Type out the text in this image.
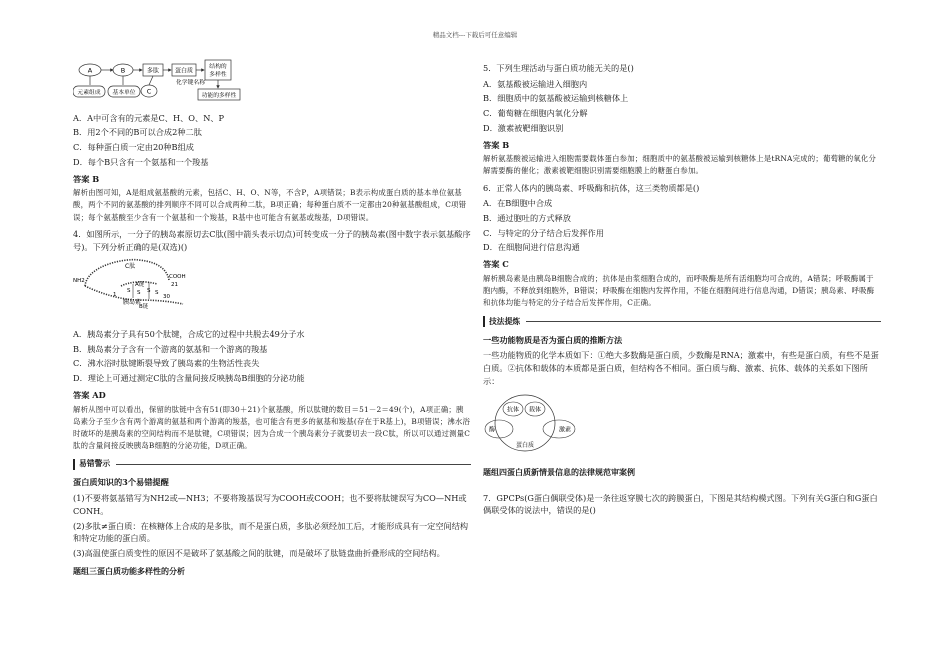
精品文档---下载后可任意编辑
A	B	多肽	蛋白质
结构的
多样性
元素组成 基本单位 C
化学键名称
功能的多样性

A．A中可含有的元素是C、H、O、N、P

B．用2个不同的B可以合成2种二肽

C．每种蛋白质一定由20种B组成

D．每个B只含有一个氨基和一个羧基

答案 B

解析由图可知，A是组成氨基酸的元素，包括C、H、O、N等，不含P，A项错误；B表示构成蛋白质的基本单位氨基酸，两个不同的氨基酸的排列顺序不同可以合成两种二肽，B项正确；每种蛋白质不一定都由20种氨基酸组成，C项错误；每个氨基酸至少含有一个氨基和一个羧基，R基中也可能含有氨基或羧基，D项错误。

4．如图所示，一分子的胰岛素原切去C肽(图中箭头表示切点)可转变成一分子的胰岛素(图中数字表示氨基酸序号)。下列分析正确的是(双选)()

NH2
C肽
COOH
21
A链
S S S S
30
B链
1
胰岛素

A．胰岛素分子具有50个肽键，合成它的过程中共脱去49分子水

B．胰岛素分子含有一个游离的氨基和一个游离的羧基

C．沸水浴时肽键断裂导致了胰岛素的生物活性丧失

D．理论上可通过测定C肽的含量间接反映胰岛B细胞的分泌功能

答案 AD

解析从图中可以看出，保留的肽链中含有51(即30＋21)个氨基酸，所以肽键的数目＝51－2＝49(个)，A项正确；胰岛素分子至少含有两个游离的氨基和两个游离的羧基，也可能含有更多的氨基和羧基(存在于R基上)，B项错误；沸水浴时破坏的是胰岛素的空间结构而不是肽键，C项错误；因为合成一个胰岛素分子就要切去一段C肽，所以可以通过测量C肽的含量间接反映胰岛B细胞的分泌功能，D项正确。

易错警示

蛋白质知识的3个易错提醒

(1)不要将氨基错写为NH2或—NH3；不要将羧基误写为COOH或COOH；也不要将肽键误写为CO—NH或CONH。

(2)多肽≠蛋白质：在核糖体上合成的是多肽，而不是蛋白质，多肽必须经加工后，才能形成具有一定空间结构和特定功能的蛋白质。

(3)高温使蛋白质变性的原因不是破坏了氨基酸之间的肽键，而是破坏了肽链盘曲折叠形成的空间结构。

题组三蛋白质功能多样性的分析

5．下列生理活动与蛋白质功能无关的是()

A．氨基酸被运输进入细胞内

B．细胞质中的氨基酸被运输到核糖体上

C．葡萄糖在细胞内氧化分解

D．激素被靶细胞识别

答案 B

解析氨基酸被运输进入细胞需要载体蛋白参加；细胞质中的氨基酸被运输到核糖体上是tRNA完成的；葡萄糖的氧化分解需要酶的催化；激素被靶细胞识别需要细胞膜上的糖蛋白参加。

6．正常人体内的胰岛素、呼吸酶和抗体，这三类物质都是()

A．在B细胞中合成

B．通过胞吐的方式释放

C．与特定的分子结合后发挥作用

D．在细胞间进行信息沟通

答案 C

解析胰岛素是由胰岛B细胞合成的；抗体是由浆细胞合成的，而呼吸酶是所有活细胞均可合成的，A错误；呼吸酶属于胞内酶，不释放到细胞外，B错误；呼吸酶在细胞内发挥作用，不能在细胞间进行信息沟通，D错误；胰岛素、呼吸酶和抗体均能与特定的分子结合后发挥作用，C正确。

技法提炼

一些功能物质是否为蛋白质的推断方法

一些功能物质的化学本质如下：①绝大多数酶是蛋白质，少数酶是RNA；激素中，有些是蛋白质，有些不是蛋白质。②抗体和载体的本质都是蛋白质，但结构各不相同。蛋白质与酶、激素、抗体、载体的关系如下图所示：

抗体 载体
酶	激素
蛋白质

题组四蛋白质新情景信息的法律规范审案例

7．GPCPs(G蛋白偶联受体)是一条往返穿膜七次的跨膜蛋白，下图是其结构模式图。下列有关G蛋白和G蛋白偶联受体的说法中，错误的是()
